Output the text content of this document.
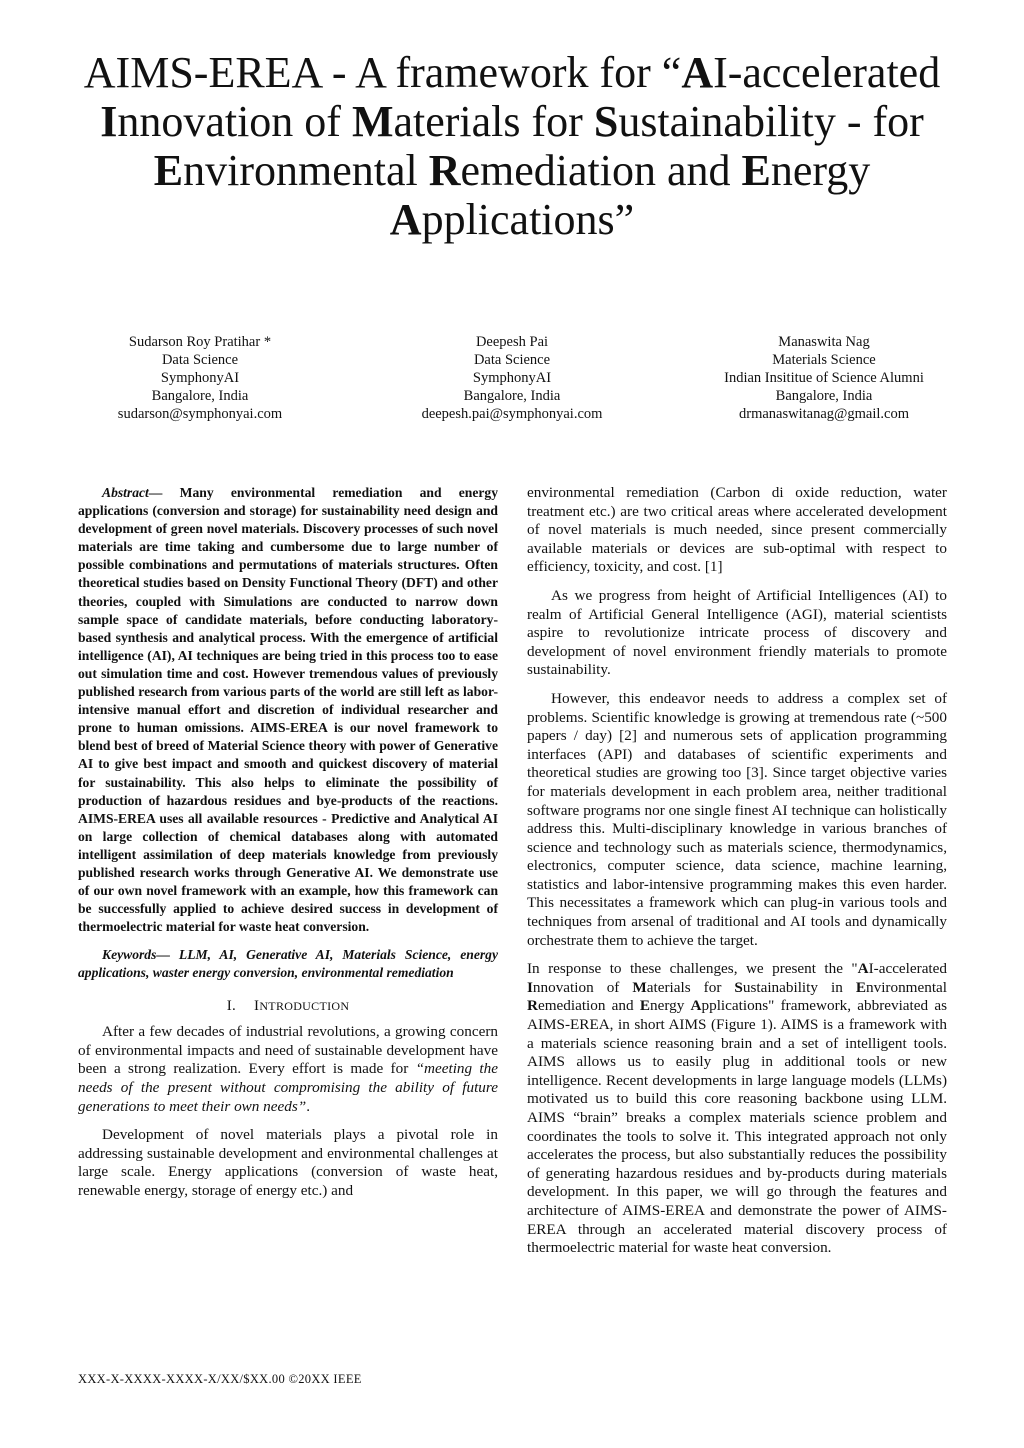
AIMS-EREA - A framework for “AI-accelerated
Innovation of Materials for Sustainability - for
Environmental Remediation and Energy
Applications”
Sudarson Roy Pratihar *
Data Science
SymphonyAI
Bangalore, India
sudarson@symphonyai.com
Deepesh Pai
Data Science
SymphonyAI
Bangalore, India
deepesh.pai@symphonyai.com
Manaswita Nag
Materials Science
Indian Insititue of Science Alumni
Bangalore, India
drmanaswitanag@gmail.com

Abstract— Many environmental remediation and energy applications (conversion and storage) for sustainability need design and development of green novel materials. Discovery processes of such novel materials are time taking and cumbersome due to large number of possible combinations and permutations of materials structures. Often theoretical studies based on Density Functional Theory (DFT) and other theories, coupled with Simulations are conducted to narrow down sample space of candidate materials, before conducting laboratory-based synthesis and analytical process. With the emergence of artificial intelligence (AI), AI techniques are being tried in this process too to ease out simulation time and cost. However tremendous values of previously published research from various parts of the world are still left as labor-intensive manual effort and discretion of individual researcher and prone to human omissions. AIMS-EREA is our novel framework to blend best of breed of Material Science theory with power of Generative AI to give best impact and smooth and quickest discovery of material for sustainability. This also helps to eliminate the possibility of production of hazardous residues and bye-products of the reactions. AIMS-EREA uses all available resources - Predictive and Analytical AI on large collection of chemical databases along with automated intelligent assimilation of deep materials knowledge from previously published research works through Generative AI. We demonstrate use of our own novel framework with an example, how this framework can be successfully applied to achieve desired success in development of thermoelectric material for waste heat conversion.

Keywords— LLM, AI, Generative AI, Materials Science, energy applications, waster energy conversion, environmental remediation

I. INTRODUCTION

After a few decades of industrial revolutions, a growing concern of environmental impacts and need of sustainable development have been a strong realization. Every effort is made for “meeting the needs of the present without compromising the ability of future generations to meet their own needs”.

Development of novel materials plays a pivotal role in addressing sustainable development and environmental challenges at large scale. Energy applications (conversion of waste heat, renewable energy, storage of energy etc.) and

environmental remediation (Carbon di oxide reduction, water treatment etc.) are two critical areas where accelerated development of novel materials is much needed, since present commercially available materials or devices are sub-optimal with respect to efficiency, toxicity, and cost. [1]

As we progress from height of Artificial Intelligences (AI) to realm of Artificial General Intelligence (AGI), material scientists aspire to revolutionize intricate process of discovery and development of novel environment friendly materials to promote sustainability.

However, this endeavor needs to address a complex set of problems. Scientific knowledge is growing at tremendous rate (~500 papers / day) [2] and numerous sets of application programming interfaces (API) and databases of scientific experiments and theoretical studies are growing too [3]. Since target objective varies for materials development in each problem area, neither traditional software programs nor one single finest AI technique can holistically address this. Multi-disciplinary knowledge in various branches of science and technology such as materials science, thermodynamics, electronics, computer science, data science, machine learning, statistics and labor-intensive programming makes this even harder. This necessitates a framework which can plug-in various tools and techniques from arsenal of traditional and AI tools and dynamically orchestrate them to achieve the target.

In response to these challenges, we present the "AI-accelerated Innovation of Materials for Sustainability in Environmental Remediation and Energy Applications" framework, abbreviated as AIMS-EREA, in short AIMS (Figure 1). AIMS is a framework with a materials science reasoning brain and a set of intelligent tools. AIMS allows us to easily plug in additional tools or new intelligence. Recent developments in large language models (LLMs) motivated us to build this core reasoning backbone using LLM. AIMS “brain” breaks a complex materials science problem and coordinates the tools to solve it. This integrated approach not only accelerates the process, but also substantially reduces the possibility of generating hazardous residues and by-products during materials development. In this paper, we will go through the features and architecture of AIMS-EREA and demonstrate the power of AIMS-EREA through an accelerated material discovery process of thermoelectric material for waste heat conversion.

XXX-X-XXXX-XXXX-X/XX/$XX.00 ©20XX IEEE
